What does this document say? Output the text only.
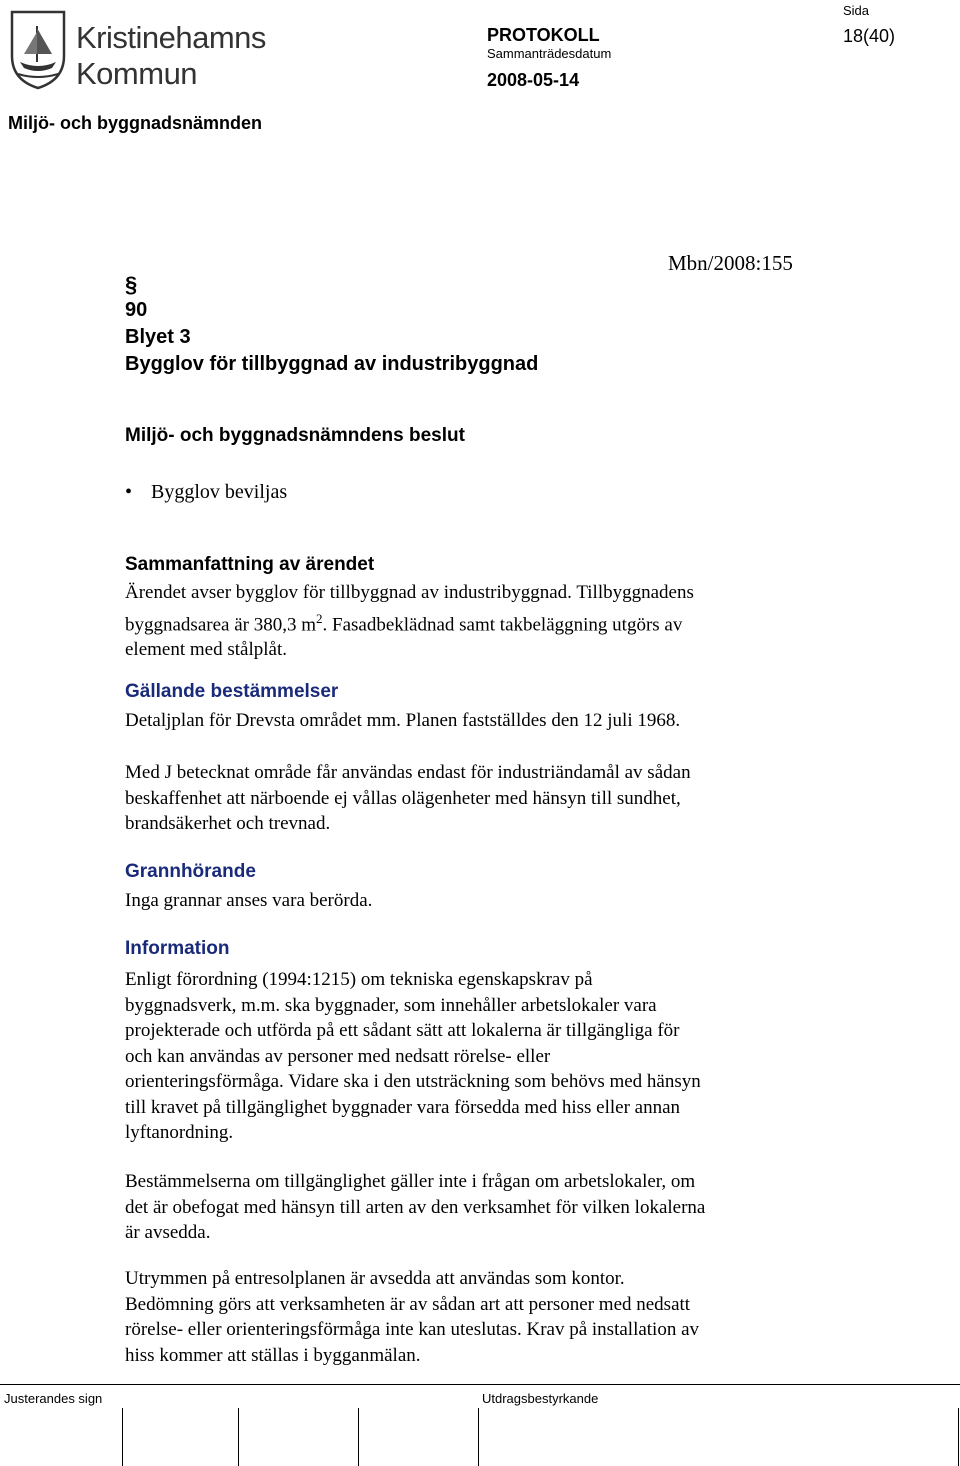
Kristinehamns
Kommun
PROTOKOLL
Sammanträdesdatum
2008-05-14
Sida
18(40)
Miljö- och byggnadsnämnden
Mbn/2008:155
§
90
Blyet 3
Bygglov för tillbyggnad av industribyggnad
Miljö- och byggnadsnämndens beslut
• Bygglov beviljas
Sammanfattning av ärendet
Ärendet avser bygglov för tillbyggnad av industribyggnad. Tillbyggnadens
byggnadsarea är 380,3 $m^2$. Fasadbeklädnad samt takbeläggning utgörs av
element med stålplåt.
Gällande bestämmelser
Detaljplan för Drevsta området mm. Planen fastställdes den 12 juli 1968.
Med J betecknat område får användas endast för industriändamål av sådan
beskaffenhet att närboende ej vållas olägenheter med hänsyn till sundhet,
brandsäkerhet och trevnad.
Grannhörande
Inga grannar anses vara berörda.
Information
Enligt förordning (1994:1215) om tekniska egenskapskrav på
byggnadsverk, m.m. ska byggnader, som innehåller arbetslokaler vara
projekterade och utförda på ett sådant sätt att lokalerna är tillgängliga för
och kan användas av personer med nedsatt rörelse- eller
orienteringsförmåga. Vidare ska i den utsträckning som behövs med hänsyn
till kravet på tillgänglighet byggnader vara försedda med hiss eller annan
lyftanordning.
Bestämmelserna om tillgänglighet gäller inte i frågan om arbetslokaler, om
det är obefogat med hänsyn till arten av den verksamhet för vilken lokalerna
är avsedda.
Utrymmen på entresolplanen är avsedda att användas som kontor.
Bedömning görs att verksamheten är av sådan art att personer med nedsatt
rörelse- eller orienteringsförmåga inte kan uteslutas. Krav på installation av
hiss kommer att ställas i bygganmälan.
Justerandes sign	Utdragsbestyrkande
